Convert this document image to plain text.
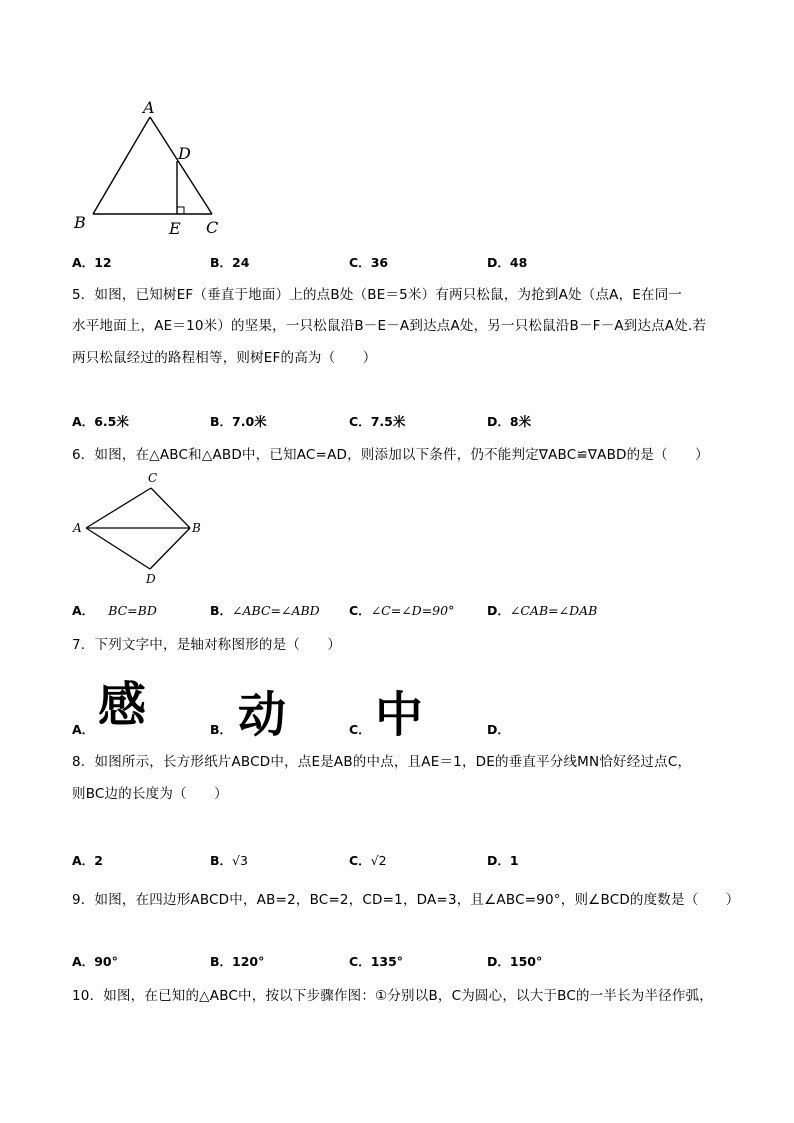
A
D
B	E C
A．12	B．24	C．36	D．48
5．如图，已知树EF（垂直于地面）上的点B处（BE＝5米）有两只松鼠，为抢到A处（点A，E在同一
水平地面上，AE＝10米）的坚果，一只松鼠沿B－E－A到达点A处，另一只松鼠沿B－F－A到达点A处.若
两只松鼠经过的路程相等，则树EF的高为（　　）
A．6.5米	B．7.0米	C．7.5米	D．8米
6．如图，在△ABC和△ABD中，已知AC=AD，则添加以下条件，仍不能判定∇ABC≌∇ABD的是（　　）
C
A	B
D
A． BC=BD	B．∠ABC=∠ABD C．∠C=∠D=90°	D．∠CAB=∠DAB
7．下列文字中，是轴对称图形的是（　　）
感 动 中
A．	B．	C．	D．
8．如图所示，长方形纸片ABCD中，点E是AB的中点，且AE＝1，DE的垂直平分线MN恰好经过点C，
则BC边的长度为（　　）
A．2	B．√3	C．√2	D．1
9．如图，在四边形ABCD中，AB=2，BC=2，CD=1，DA=3，且∠ABC=90°，则∠BCD的度数是（　　）
A．90°	B．120°	C．135°	D．150°
10．如图，在已知的△ABC中，按以下步骤作图：①分别以B，C为圆心，以大于BC的一半长为半径作弧，
